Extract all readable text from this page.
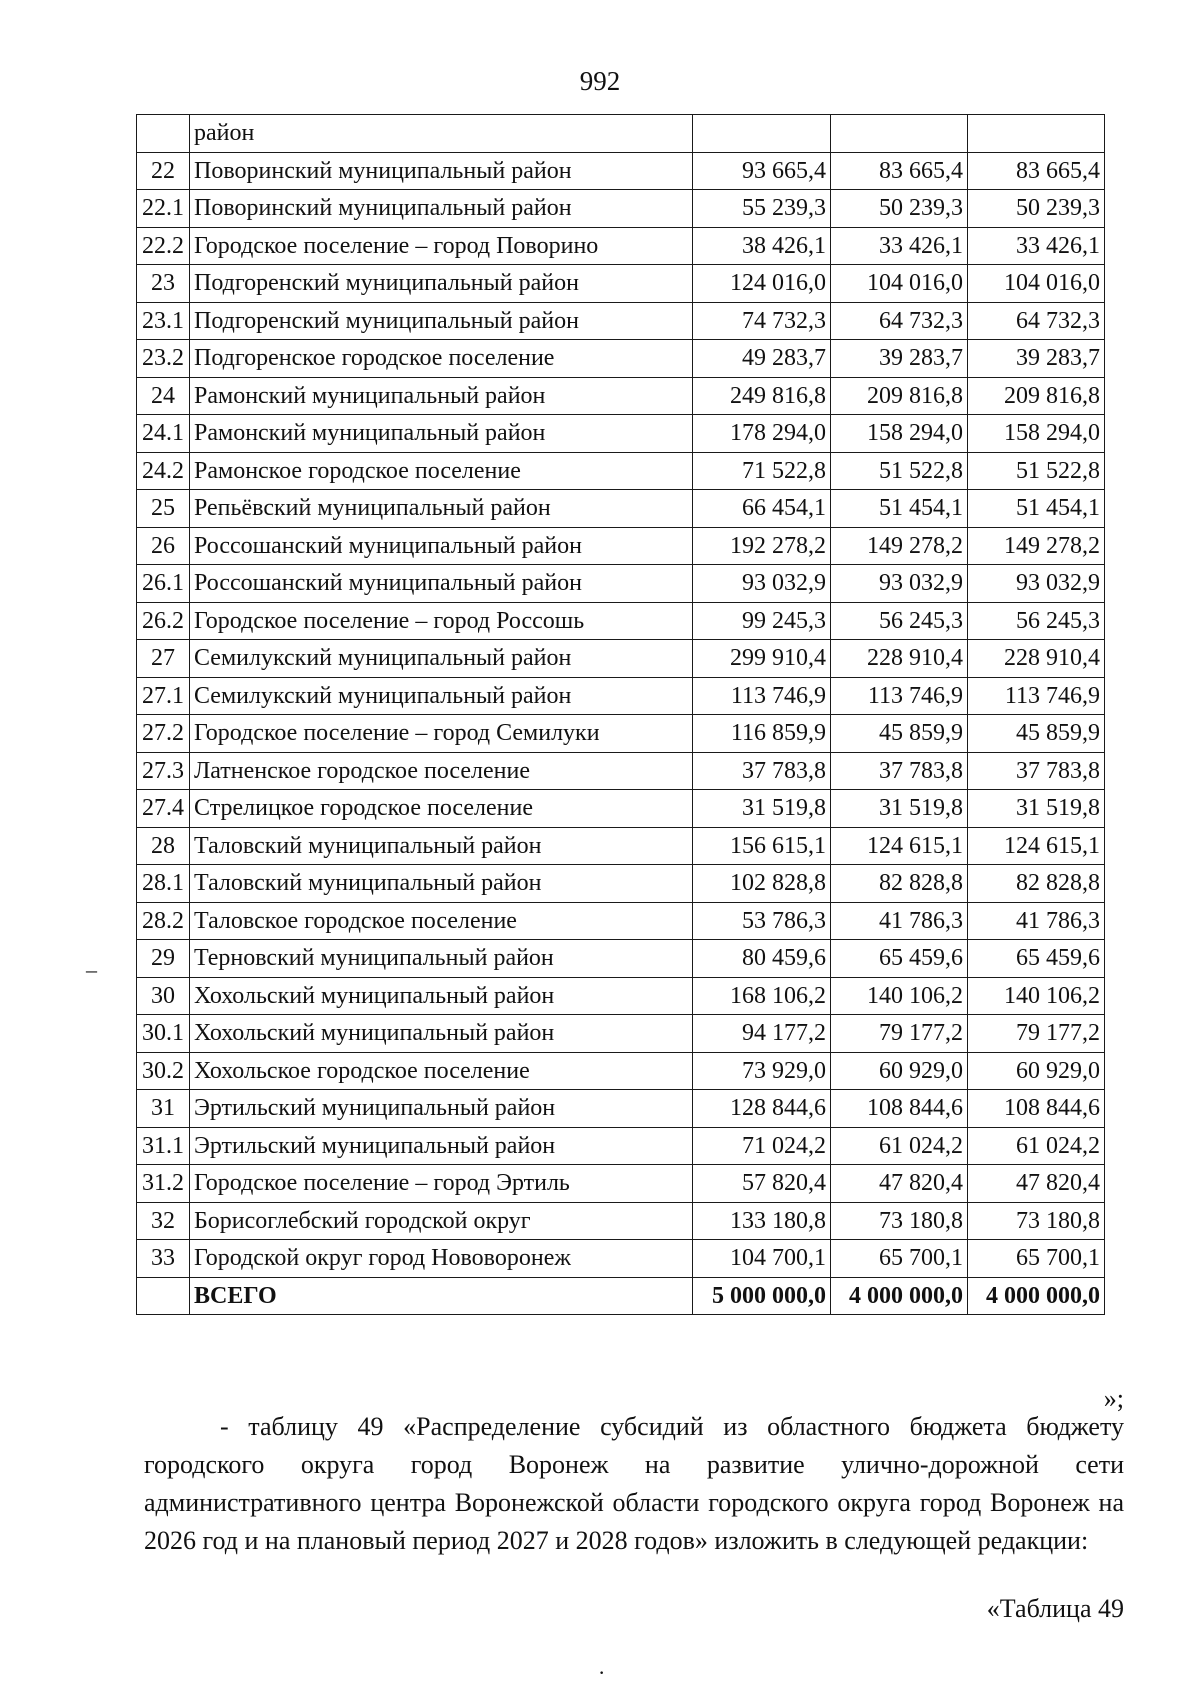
992
	район			
22	Поворинский муниципальный район	93 665,4	83 665,4	83 665,4
22.1	Поворинский муниципальный район	55 239,3	50 239,3	50 239,3
22.2	Городское поселение – город Поворино	38 426,1	33 426,1	33 426,1
23	Подгоренский муниципальный район	124 016,0	104 016,0	104 016,0
23.1	Подгоренский муниципальный район	74 732,3	64 732,3	64 732,3
23.2	Подгоренское городское поселение	49 283,7	39 283,7	39 283,7
24	Рамонский муниципальный район	249 816,8	209 816,8	209 816,8
24.1	Рамонский муниципальный район	178 294,0	158 294,0	158 294,0
24.2	Рамонское городское поселение	71 522,8	51 522,8	51 522,8
25	Репьёвский муниципальный район	66 454,1	51 454,1	51 454,1
26	Россошанский муниципальный район	192 278,2	149 278,2	149 278,2
26.1	Россошанский муниципальный район	93 032,9	93 032,9	93 032,9
26.2	Городское поселение – город Россошь	99 245,3	56 245,3	56 245,3
27	Семилукский муниципальный район	299 910,4	228 910,4	228 910,4
27.1	Семилукский муниципальный район	113 746,9	113 746,9	113 746,9
27.2	Городское поселение – город Семилуки	116 859,9	45 859,9	45 859,9
27.3	Латненское городское поселение	37 783,8	37 783,8	37 783,8
27.4	Стрелицкое городское поселение	31 519,8	31 519,8	31 519,8
28	Таловский муниципальный район	156 615,1	124 615,1	124 615,1
28.1	Таловский муниципальный район	102 828,8	82 828,8	82 828,8
28.2	Таловское городское поселение	53 786,3	41 786,3	41 786,3
29	Терновский муниципальный район	80 459,6	65 459,6	65 459,6
30	Хохольский муниципальный район	168 106,2	140 106,2	140 106,2
30.1	Хохольский муниципальный район	94 177,2	79 177,2	79 177,2
30.2	Хохольское городское поселение	73 929,0	60 929,0	60 929,0
31	Эртильский муниципальный район	128 844,6	108 844,6	108 844,6
31.1	Эртильский муниципальный район	71 024,2	61 024,2	61 024,2
31.2	Городское поселение – город Эртиль	57 820,4	47 820,4	47 820,4
32	Борисоглебский городской округ	133 180,8	73 180,8	73 180,8
33	Городской округ город Нововоронеж	104 700,1	65 700,1	65 700,1
	ВСЕГО	5 000 000,0	4 000 000,0	4 000 000,0
»;

- таблицу 49 «Распределение субсидий из областного бюджета бюджету городского округа город Воронеж на развитие улично-дорожной сети административного центра Воронежской области городского округа город Воронеж на 2026 год и на плановый период 2027 и 2028 годов» изложить в следующей редакции:

«Таблица 49
–
·
